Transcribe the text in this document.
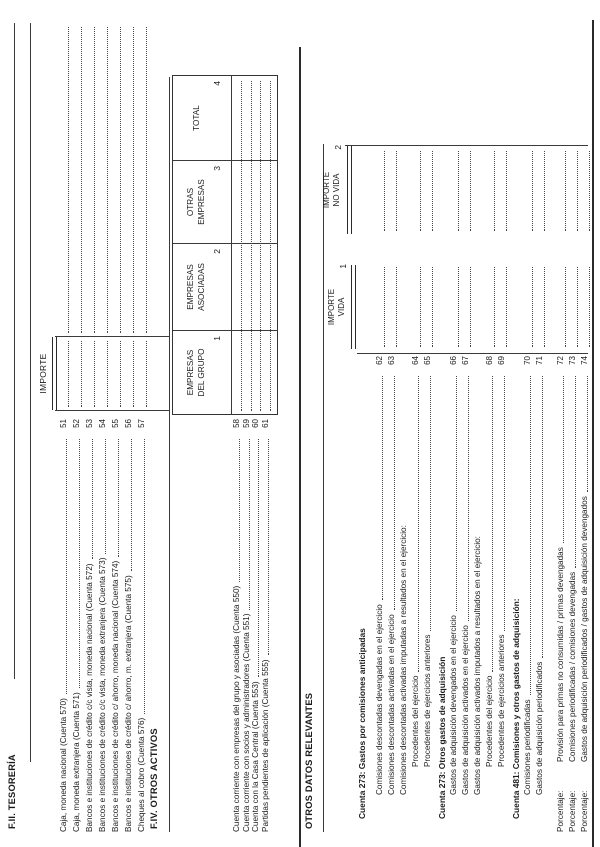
F.II. TESORERÍA
IMPORTE
Caja, moneda nacional (Cuenta 570)
51
Caja, moneda extranjera (Cuenta 571)
52
Bancos e instituciones de crédito c/c vista, moneda nacional (Cuenta 572)
53
Bancos e instituciones de crédito c/c vista, moneda extranjera (Cuenta 573)
54
Bancos e instituciones de crédito c/ ahorro, moneda nacional (Cuenta 574)
55
Bancos e instituciones de crédito c/ ahorro, m. extranjera (Cuenta 575)
56
Cheques al cobro (Cuenta 576)
57
F.IV. OTROS ACTIVOS
EMPRESAS DEL GRUPO
1
EMPRESAS ASOCIADAS
2
OTRAS EMPRESAS
3
TOTAL
4
Cuenta corriente con empresas del grupo y asociadas (Cuenta 550)
58
Cuenta corriente con socios y administradores (Cuenta 551)
59
Cuenta con la Casa Central (Cuenta 553)
60
Partidas pendientes de aplicación (Cuenta 555)
61
OTROS DATOS RELEVANTES
IMPORTE
VIDA
1
IMPORTE
NO VIDA
2
Cuenta 273: Gastos por comisiones anticipadas Comisiones descontadas devengadas en el ejercicio
62
Comisiones descontadas activadas en el ejercicio
63
Comisiones descontadas activadas imputadas a resultados en el ejercicio: Procedentes del ejercicio
64
Procedentes de ejercicios anteriores
65
Cuenta 273: Otros gastos de adquisición Gastos de adquisición devengados en el ejercicio
66
Gastos de adquisición activados en el ejercicio
67
Gastos de adquisición activados imputados a resultados en el ejercicio: Procedentes del ejercicio
68
Procedentes de ejercicios anteriores
69
Cuenta 481: Comisiones y otros gastos de adquisición: Comisiones periodificadas
70
Gastos de adquisición periodificados
71
Porcentaje:
Provisión para primas no consumidas / primas devengadas
72
Porcentaje:
Comisiones periodificadas / comisiones devengadas
73
Porcentaje:
Gastos de adquisición periodificados / gastos de adquisición devengados
74
